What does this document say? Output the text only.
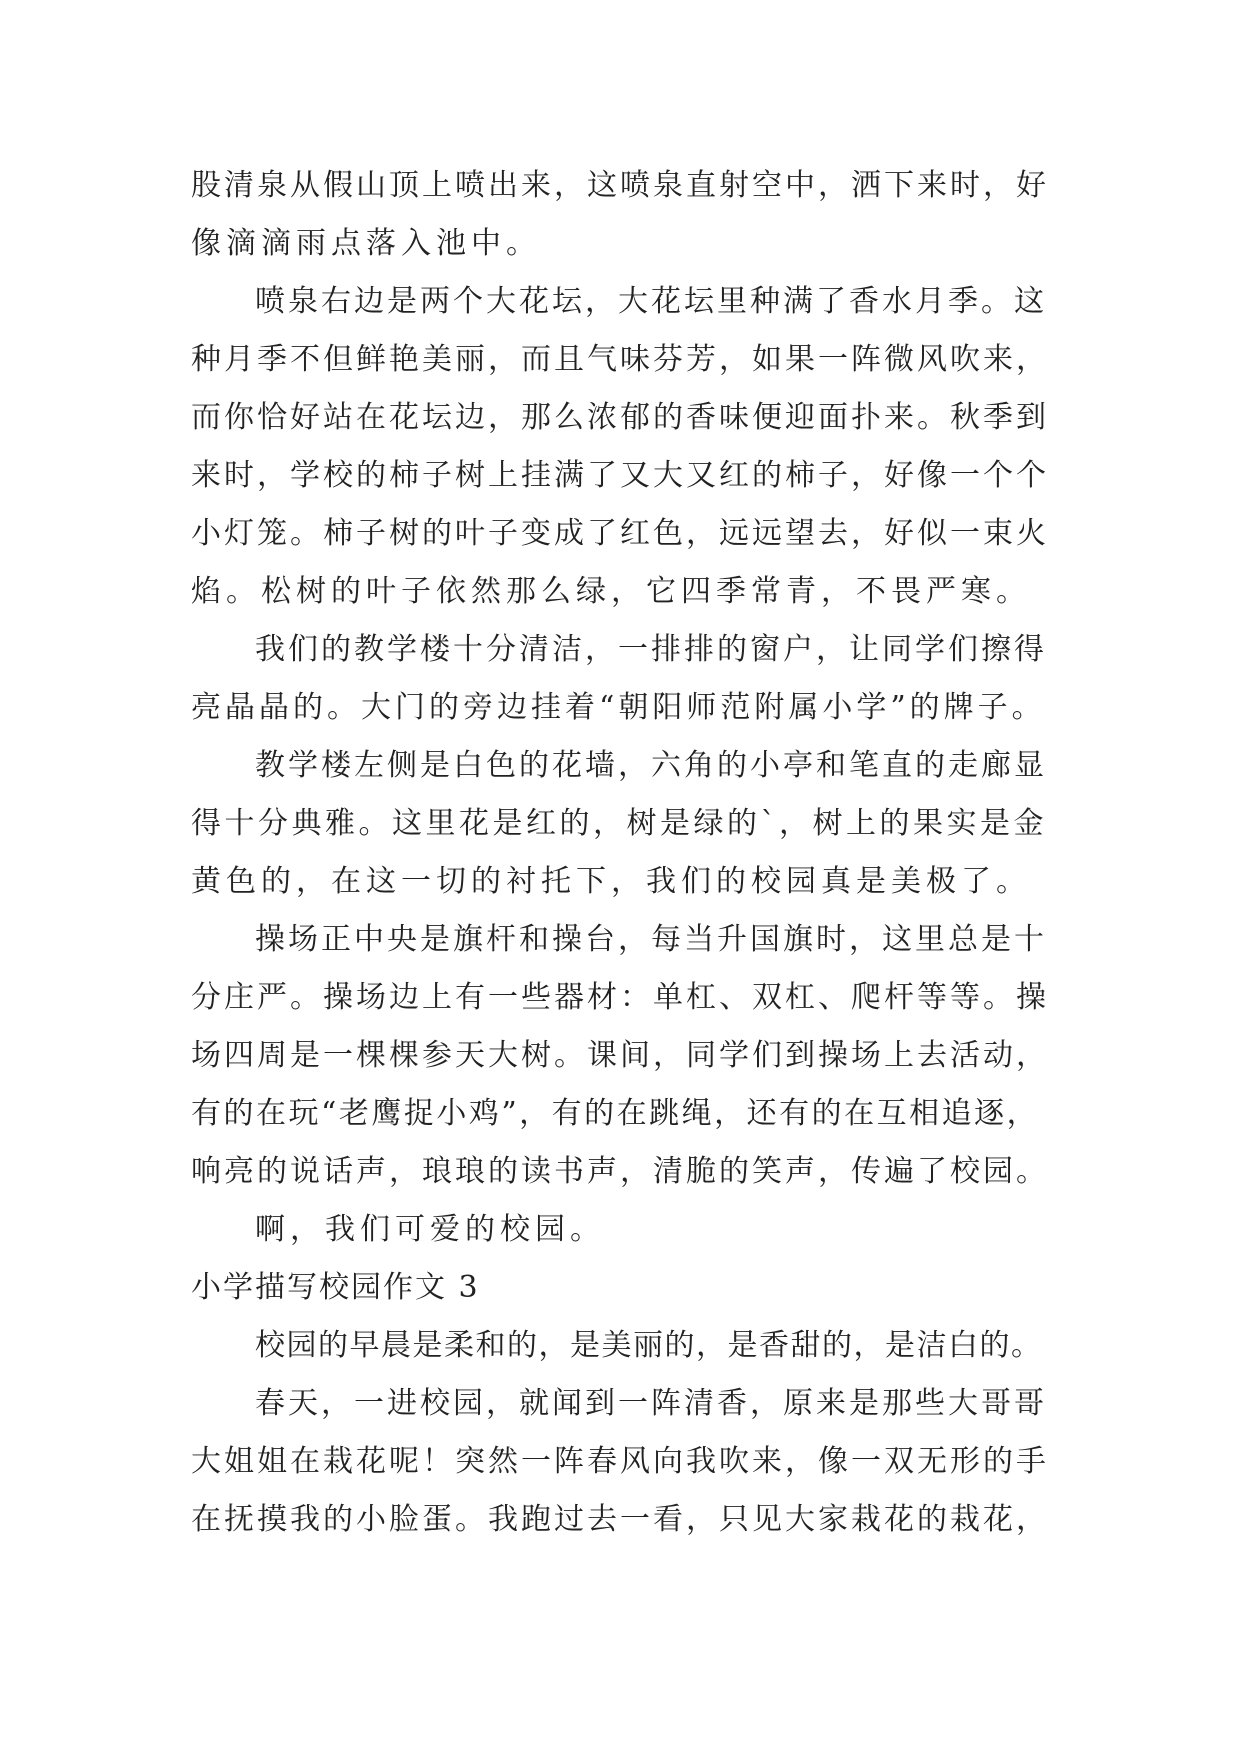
股清泉从假山顶上喷出来，这喷泉直射空中，洒下来时，好
像滴滴雨点落入池中。
喷泉右边是两个大花坛，大花坛里种满了香水月季。这
种月季不但鲜艳美丽，而且气味芬芳，如果一阵微风吹来，
而你恰好站在花坛边，那么浓郁的香味便迎面扑来。秋季到
来时，学校的柿子树上挂满了又大又红的柿子，好像一个个
小灯笼。柿子树的叶子变成了红色，远远望去，好似一束火
焰。松树的叶子依然那么绿，它四季常青，不畏严寒。
我们的教学楼十分清洁，一排排的窗户，让同学们擦得
亮晶晶的。大门的旁边挂着“朝阳师范附属小学”的牌子。
教学楼左侧是白色的花墙，六角的小亭和笔直的走廊显
得十分典雅。这里花是红的，树是绿的`，树上的果实是金
黄色的，在这一切的衬托下，我们的校园真是美极了。
操场正中央是旗杆和操台，每当升国旗时，这里总是十
分庄严。操场边上有一些器材：单杠、双杠、爬杆等等。操
场四周是一棵棵参天大树。课间，同学们到操场上去活动，
有的在玩“老鹰捉小鸡”，有的在跳绳，还有的在互相追逐，
响亮的说话声，琅琅的读书声，清脆的笑声，传遍了校园。
啊，我们可爱的校园。
小学描写校园作文 3
校园的早晨是柔和的，是美丽的，是香甜的，是洁白的。
春天，一进校园，就闻到一阵清香，原来是那些大哥哥
大姐姐在栽花呢！突然一阵春风向我吹来，像一双无形的手
在抚摸我的小脸蛋。我跑过去一看，只见大家栽花的栽花，
